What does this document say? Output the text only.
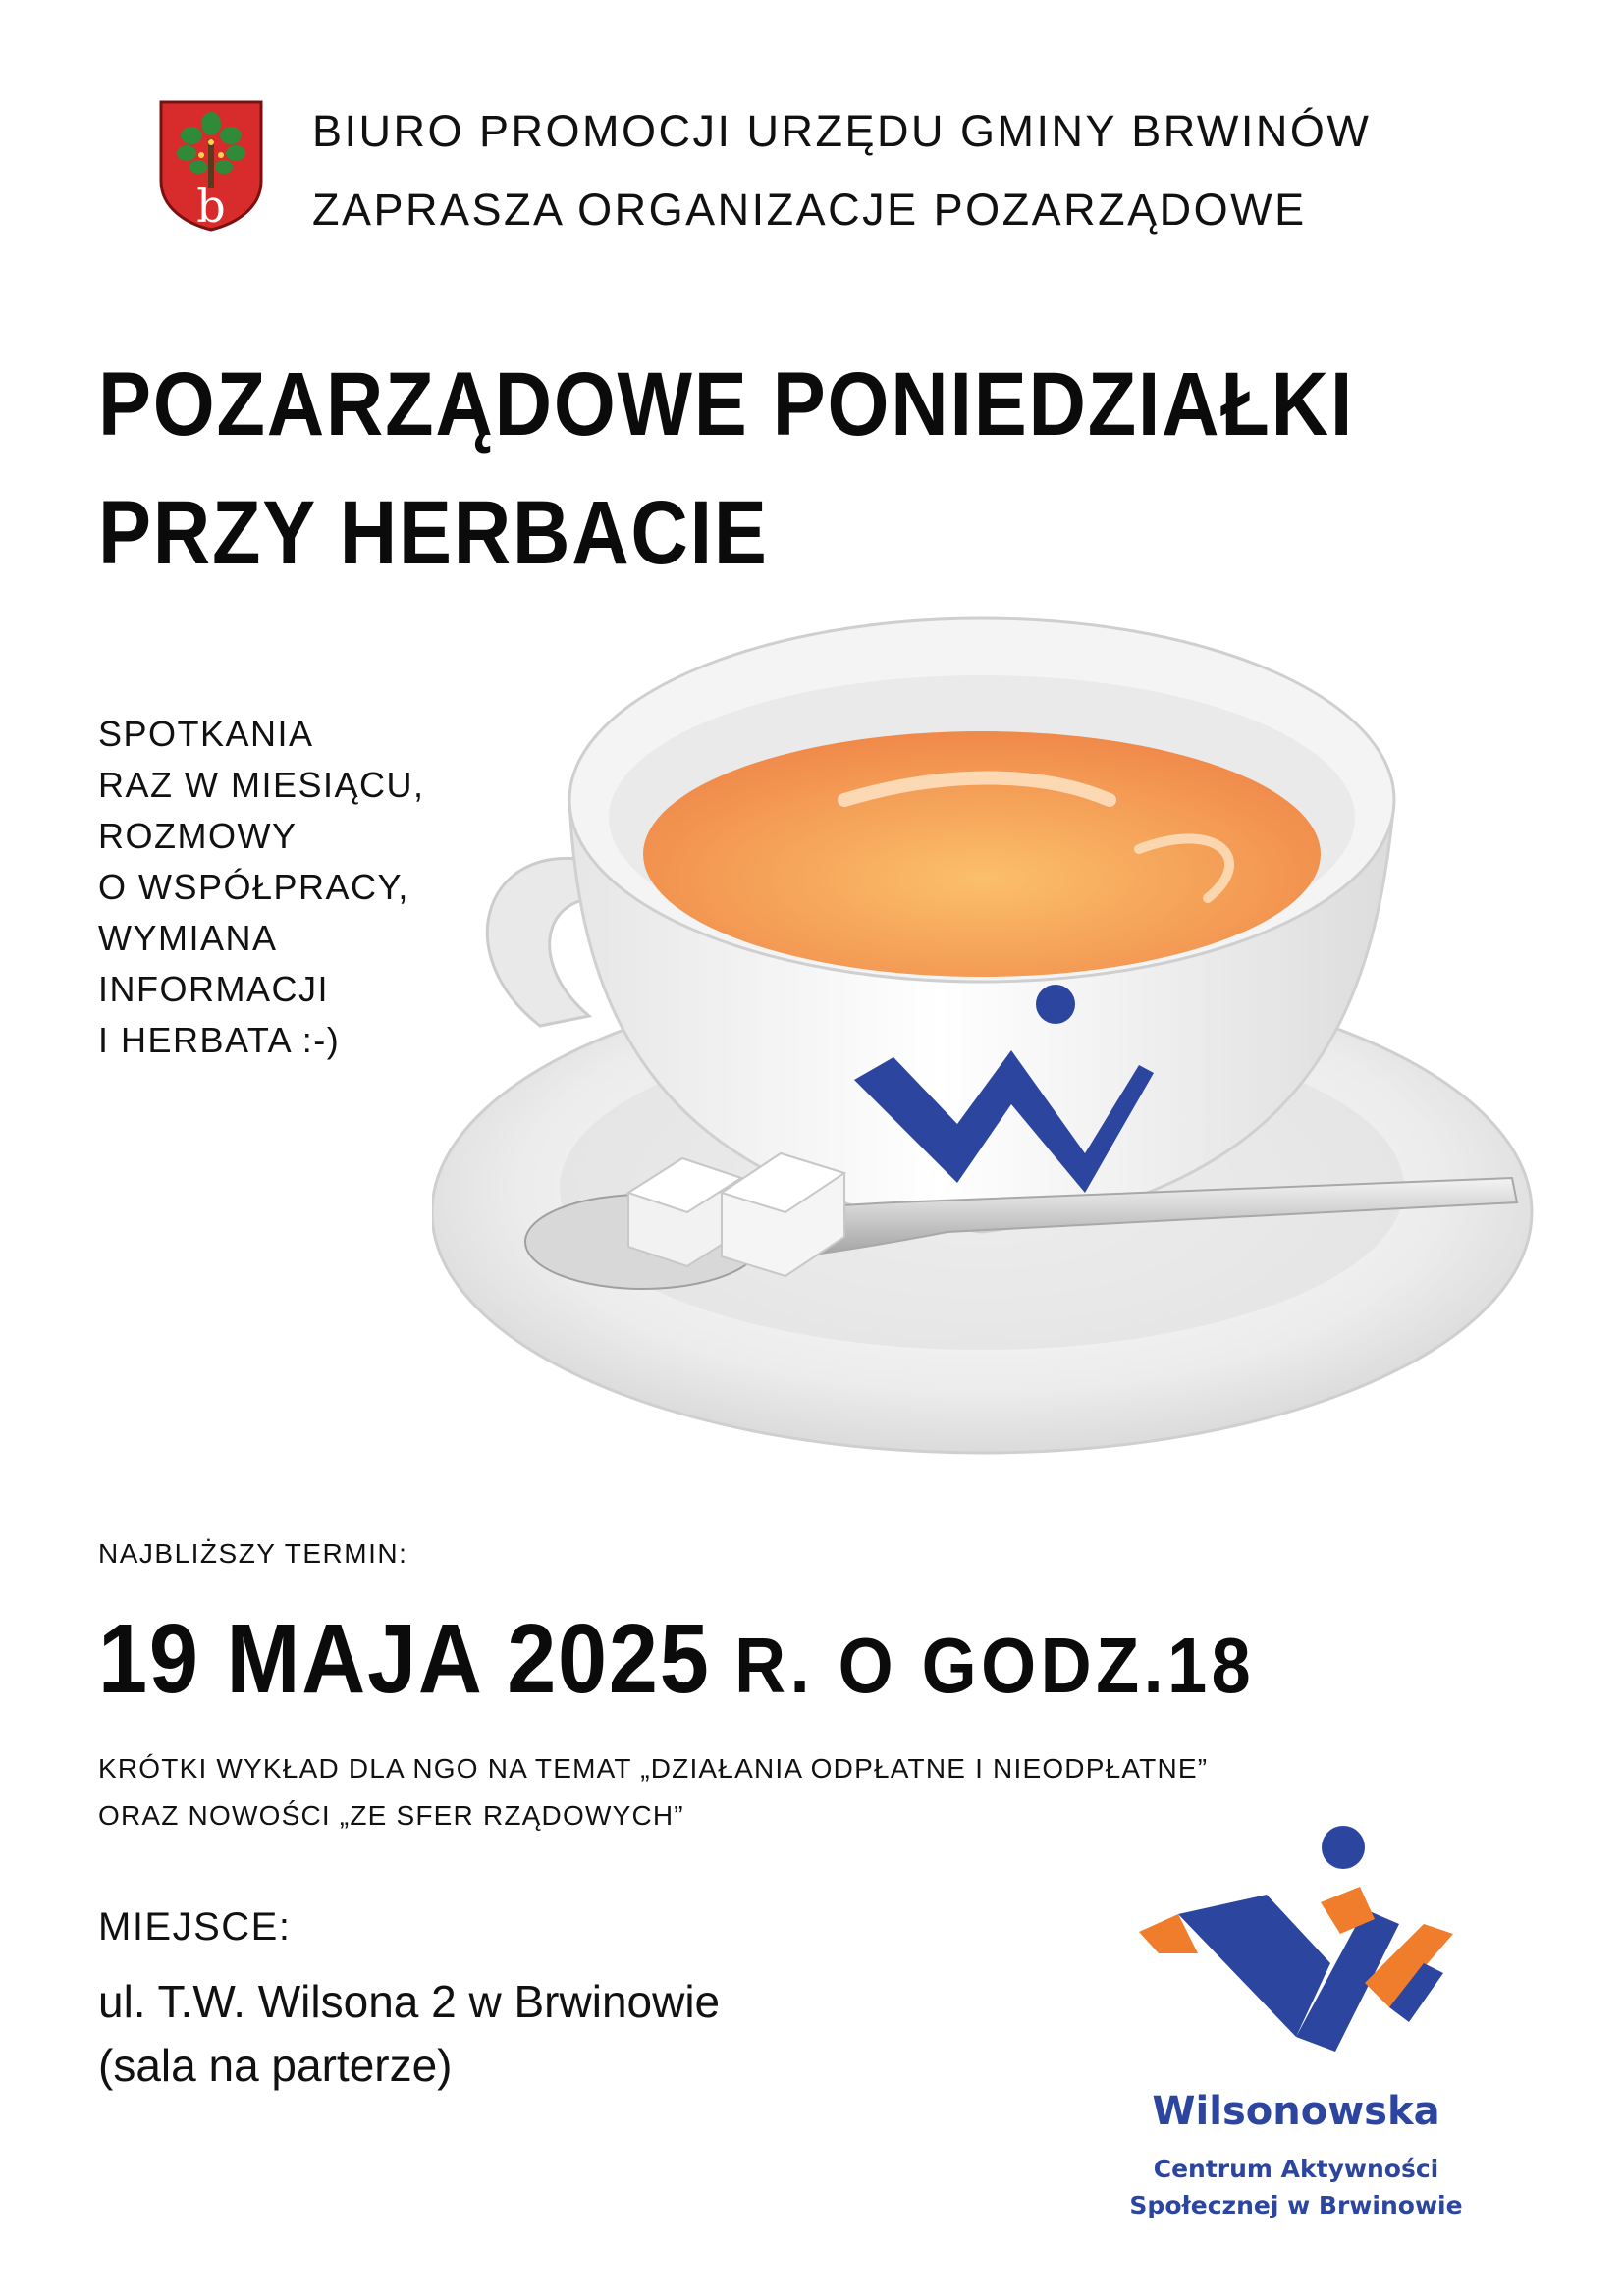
b

BIURO PROMOCJI URZĘDU GMINY BRWINÓW

ZAPRASZA ORGANIZACJE POZARZĄDOWE

POZARZĄDOWE PONIEDZIAŁKI
PRZY HERBACIE
SPOTKANIA
RAZ W MIESIĄCU,
ROZMOWY
O WSPÓŁPRACY,
WYMIANA
INFORMACJI
I HERBATA :-)

NAJBLIŻSZY TERMIN:

19 MAJA 2025 R. O GODZ.18

KRÓTKI WYKŁAD DLA NGO NA TEMAT „DZIAŁANIA ODPŁATNE I NIEODPŁATNE”

ORAZ NOWOŚCI „ZE SFER RZĄDOWYCH”

MIEJSCE:

ul. T.W. Wilsona 2 w Brwinowie

(sala na parterze)

Wilsonowska

Centrum Aktywności

Społecznej w Brwinowie
